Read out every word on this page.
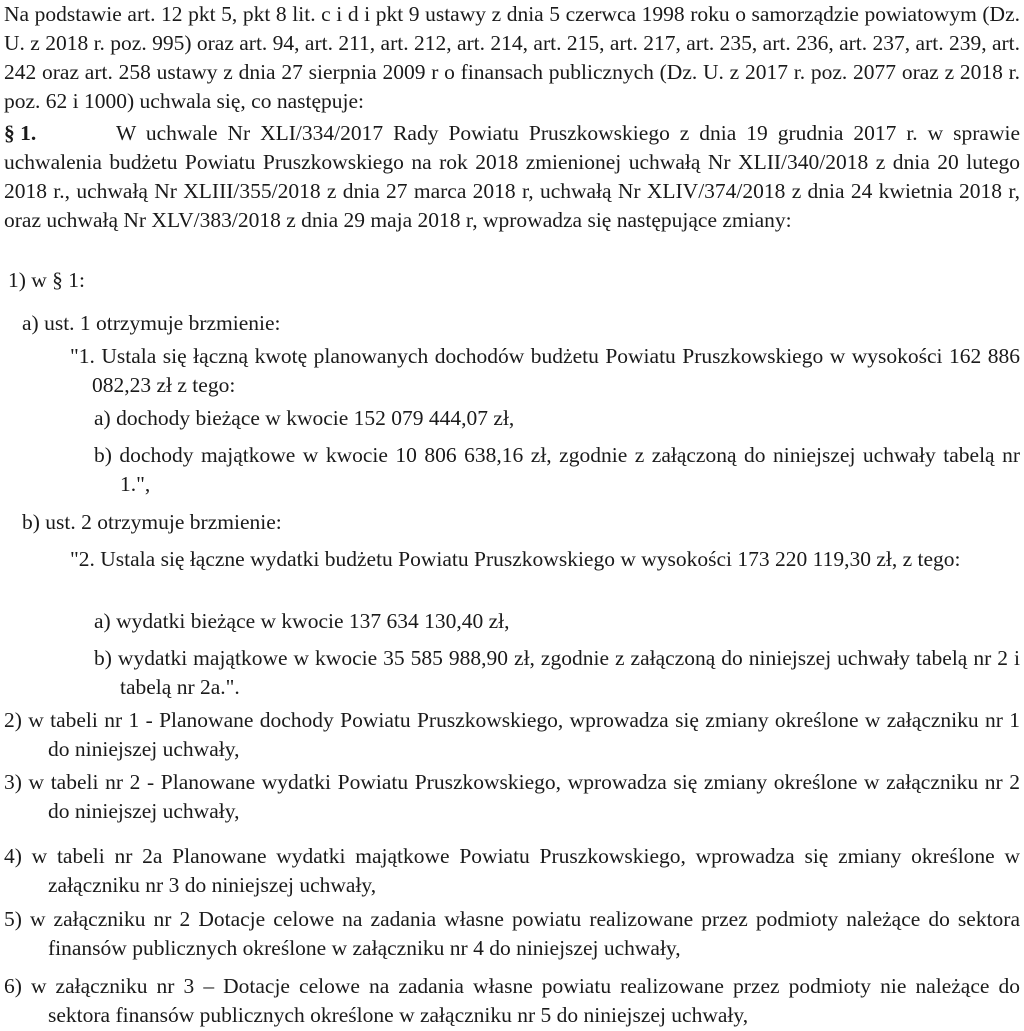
Na podstawie art. 12 pkt 5, pkt 8 lit. c i d i pkt 9 ustawy z dnia 5 czerwca 1998 roku o samorządzie powiatowym (Dz. U. z 2018 r. poz. 995) oraz art. 94, art. 211, art. 212, art. 214, art. 215, art. 217, art. 235, art. 236, art. 237, art. 239, art. 242 oraz art. 258 ustawy z dnia 27 sierpnia 2009 r o finansach publicznych (Dz. U. z 2017 r. poz. 2077 oraz z 2018 r. poz. 62 i 1000) uchwala się, co następuje:

§ 1.	W uchwale Nr XLI/334/2017 Rady Powiatu Pruszkowskiego z dnia 19 grudnia 2017 r. w sprawie uchwalenia budżetu Powiatu Pruszkowskiego na rok 2018 zmienionej uchwałą Nr XLII/340/2018 z dnia 20 lutego 2018 r., uchwałą Nr XLIII/355/2018 z dnia 27 marca 2018 r, uchwałą Nr XLIV/374/2018 z dnia 24 kwietnia 2018 r, oraz uchwałą Nr XLV/383/2018 z dnia 29 maja 2018 r, wprowadza się następujące zmiany:

1) w § 1:

a) ust. 1 otrzymuje brzmienie:

"1. Ustala się łączną kwotę planowanych dochodów budżetu Powiatu Pruszkowskiego w wysokości 162 886 082,23 zł z tego:

a) dochody bieżące w kwocie 152 079 444,07 zł,

b) dochody majątkowe w kwocie 10 806 638,16 zł, zgodnie z załączoną do niniejszej uchwały tabelą nr 1.",

b) ust. 2 otrzymuje brzmienie:

"2. Ustala się łączne wydatki budżetu Powiatu Pruszkowskiego w wysokości 173 220 119,30 zł, z tego:

a) wydatki bieżące w kwocie 137 634 130,40 zł,

b) wydatki majątkowe w kwocie 35 585 988,90 zł, zgodnie z załączoną do niniejszej uchwały tabelą nr 2 i tabelą nr 2a.".

2) w tabeli nr 1 - Planowane dochody Powiatu Pruszkowskiego, wprowadza się zmiany określone w załączniku nr 1 do niniejszej uchwały,

3) w tabeli nr 2 - Planowane wydatki Powiatu Pruszkowskiego, wprowadza się zmiany określone w załączniku nr 2 do niniejszej uchwały,

4) w tabeli nr 2a Planowane wydatki majątkowe Powiatu Pruszkowskiego, wprowadza się zmiany określone w załączniku nr 3 do niniejszej uchwały,

5) w załączniku nr 2 Dotacje celowe na zadania własne powiatu realizowane przez podmioty należące do sektora finansów publicznych określone w załączniku nr 4 do niniejszej uchwały,

6) w załączniku nr 3 – Dotacje celowe na zadania własne powiatu realizowane przez podmioty nie należące do sektora finansów publicznych określone w załączniku nr 5 do niniejszej uchwały,
